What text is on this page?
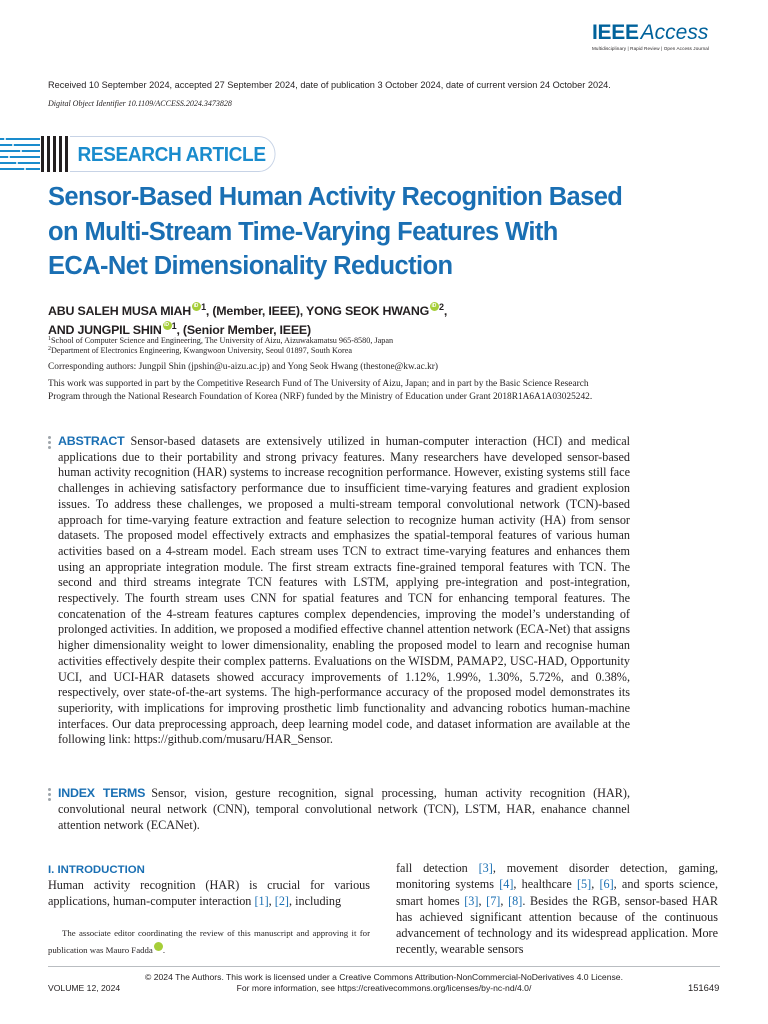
IEEEAccess
Multidisciplinary | Rapid Review | Open Access Journal
Received 10 September 2024, accepted 27 September 2024, date of publication 3 October 2024, date of current version 24 October 2024.
Digital Object Identifier 10.1109/ACCESS.2024.3473828
RESEARCH ARTICLE
Sensor-Based Human Activity Recognition Based
on Multi-Stream Time-Varying Features With
ECA-Net Dimensionality Reduction
ABU SALEH MUSA MIAH iD $^1$, (Member, IEEE), YONG SEOK HWANG iD $^2$,
AND JUNGPIL SHIN iD $^1$, (Senior Member, IEEE)
$^1$School of Computer Science and Engineering, The University of Aizu, Aizuwakamatsu 965-8580, Japan
$^2$Department of Electronics Engineering, Kwangwoon University, Seoul 01897, South Korea
Corresponding authors: Jungpil Shin (jpshin@u-aizu.ac.jp) and Yong Seok Hwang (thestone@kw.ac.kr)
This work was supported in part by the Competitive Research Fund of The University of Aizu, Japan; and in part by the Basic Science Research Program through the National Research Foundation of Korea (NRF) funded by the Ministry of Education under Grant 2018R1A6A1A03025242.
ABSTRACT Sensor-based datasets are extensively utilized in human-computer interaction (HCI) and medical applications due to their portability and strong privacy features. Many researchers have developed sensor-based human activity recognition (HAR) systems to increase recognition performance. However, existing systems still face challenges in achieving satisfactory performance due to insufficient time-varying features and gradient explosion issues. To address these challenges, we proposed a multi-stream temporal convolutional network (TCN)-based approach for time-varying feature extraction and feature selection to recognize human activity (HA) from sensor datasets. The proposed model effectively extracts and emphasizes the spatial-temporal features of various human activities based on a 4-stream model. Each stream uses TCN to extract time-varying features and enhances them using an appropriate integration module. The first stream extracts fine-grained temporal features with TCN. The second and third streams integrate TCN features with LSTM, applying pre-integration and post-integration, respectively. The fourth stream uses CNN for spatial features and TCN for enhancing temporal features. The concatenation of the 4-stream features captures complex dependencies, improving the model’s understanding of prolonged activities. In addition, we proposed a modified effective channel attention network (ECA-Net) that assigns higher dimensionality weight to lower dimensionality, enabling the proposed model to learn and recognise human activities effectively despite their complex patterns. Evaluations on the WISDM, PAMAP2, USC-HAD, Opportunity UCI, and UCI-HAR datasets showed accuracy improvements of 1.12%, 1.99%, 1.30%, 5.72%, and 0.38%, respectively, over state-of-the-art systems. The high-performance accuracy of the proposed model demonstrates its superiority, with implications for improving prosthetic limb functionality and advancing robotics human-machine interfaces. Our data preprocessing approach, deep learning model code, and dataset information are available at the following link: https://github.com/musaru/HAR_Sensor.
INDEX TERMS Sensor, vision, gesture recognition, signal processing, human activity recognition (HAR), convolutional neural network (CNN), temporal convolutional network (TCN), LSTM, HAR, enahance channel attention network (ECANet).
I. INTRODUCTION
Human activity recognition (HAR) is crucial for various applications, human-computer interaction [1], [2], including
The associate editor coordinating the review of this manuscript and approving it for publication was Mauro Fadda iD .
fall detection [3], movement disorder detection, gaming, monitoring systems [4], healthcare [5], [6], and sports science, smart homes [3], [7], [8]. Besides the RGB, sensor-based HAR has achieved significant attention because of the continuous advancement of technology and its widespread application. More recently, wearable sensors
© 2024 The Authors. This work is licensed under a Creative Commons Attribution-NonCommercial-NoDerivatives 4.0 License.
For more information, see https://creativecommons.org/licenses/by-nc-nd/4.0/
VOLUME 12, 2024	151649
